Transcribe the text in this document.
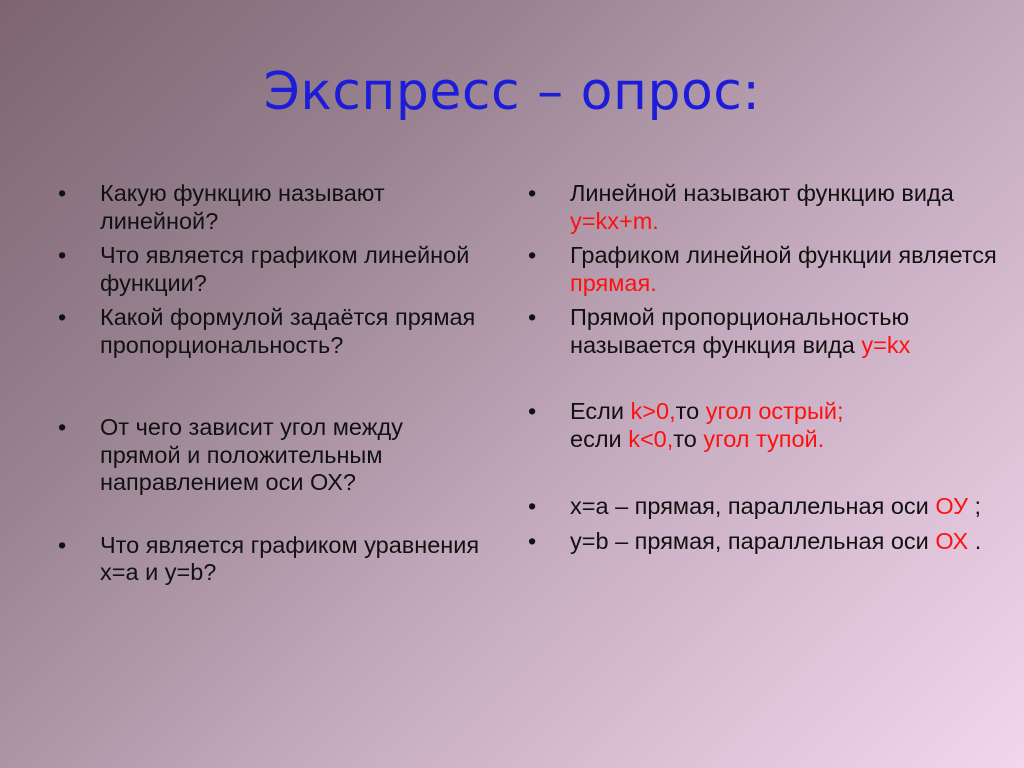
Экспресс – опрос:
• Какую функцию называют линейной?
• Что является графиком линейной функции?
• Какой формулой задаётся прямая пропорциональность?
• От чего зависит угол между прямой и положительным направлением оси ОХ?
• Что является графиком уравнения х=а и у=b?
• Линейной называют функцию вида у=kx+m.
• Графиком линейной функции является прямая.
• Прямой пропорциональностью называется функция вида у=kx
• Если k>0,то угол острый;
если k<0,то угол тупой.
• х=а – прямая, параллельная оси ОУ ;
• y=b – прямая, параллельная оси ОХ .
